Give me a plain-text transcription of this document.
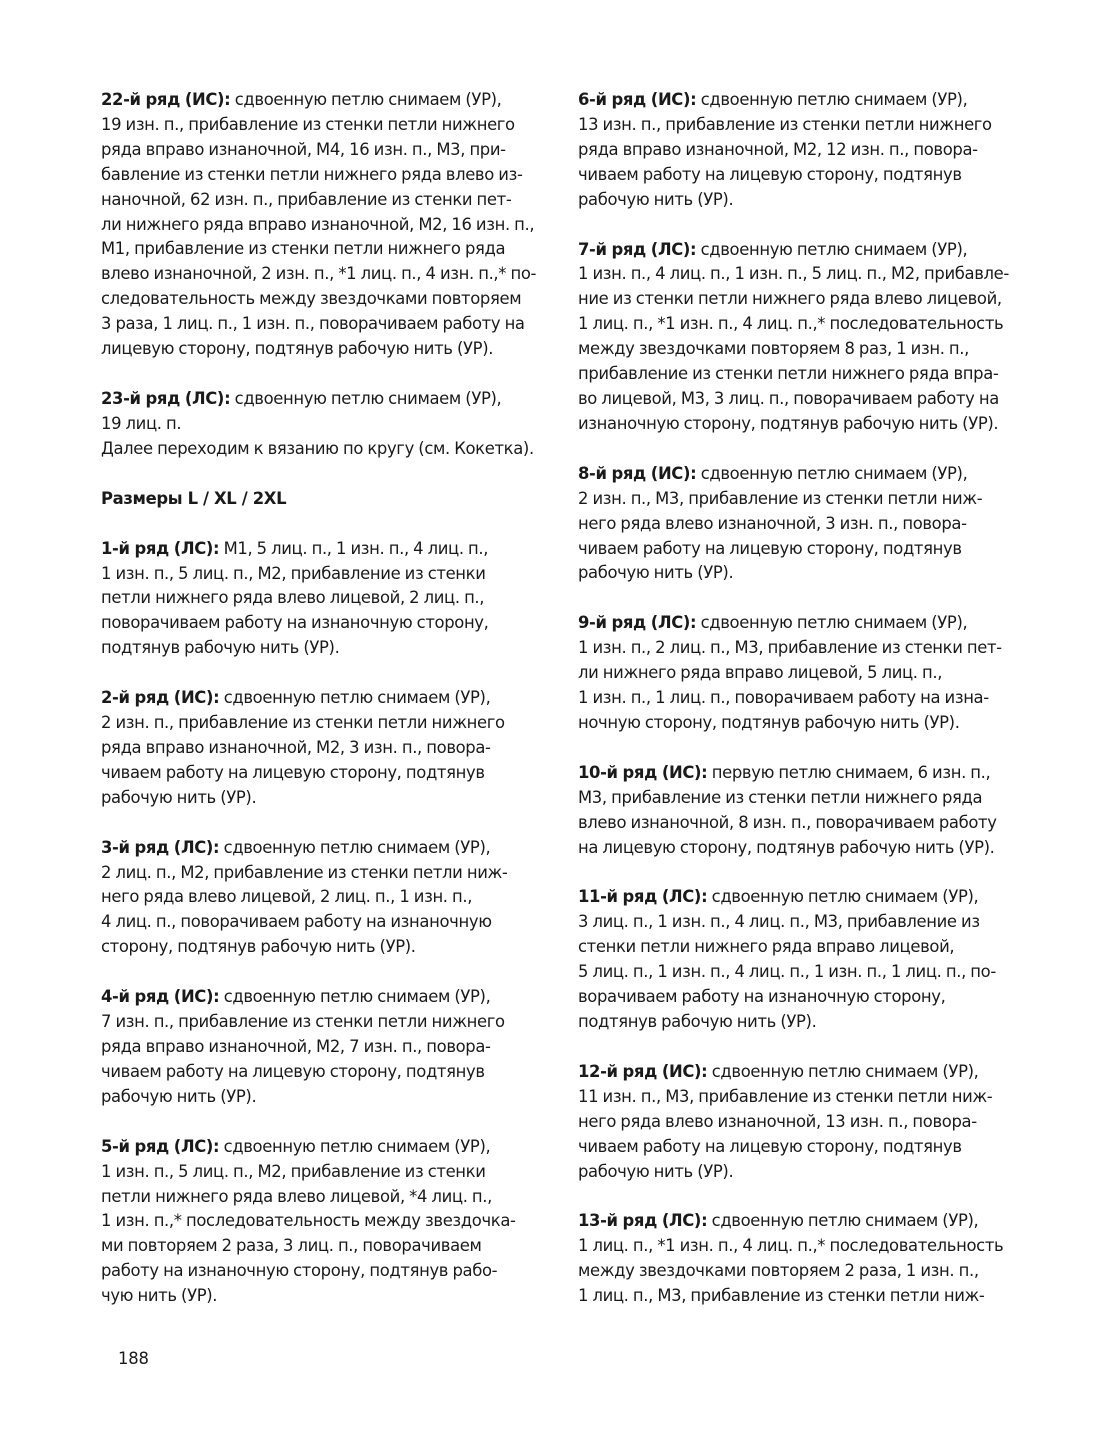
22-й ряд (ИС): сдвоенную петлю снимаем (УР),
19 изн. п., прибавление из стенки петли нижнего
ряда вправо изнаночной, М4, 16 изн. п., М3, при-
бавление из стенки петли нижнего ряда влево из-
наночной, 62 изн. п., прибавление из стенки пет-
ли нижнего ряда вправо изнаночной, М2, 16 изн. п.,
М1, прибавление из стенки петли нижнего ряда
влево изнаночной, 2 изн. п., *1 лиц. п., 4 изн. п.,* по-
следовательность между звездочками повторяем
3 раза, 1 лиц. п., 1 изн. п., поворачиваем работу на
лицевую сторону, подтянув рабочую нить (УР).
23-й ряд (ЛС): сдвоенную петлю снимаем (УР),
19 лиц. п.
Далее переходим к вязанию по кругу (см. Кокетка).
Размеры L / XL / 2XL
1-й ряд (ЛС): М1, 5 лиц. п., 1 изн. п., 4 лиц. п.,
1 изн. п., 5 лиц. п., М2, прибавление из стенки
петли нижнего ряда влево лицевой, 2 лиц. п.,
поворачиваем работу на изнаночную сторону,
подтянув рабочую нить (УР).
2-й ряд (ИС): сдвоенную петлю снимаем (УР),
2 изн. п., прибавление из стенки петли нижнего
ряда вправо изнаночной, М2, 3 изн. п., повора-
чиваем работу на лицевую сторону, подтянув
рабочую нить (УР).
3-й ряд (ЛС): сдвоенную петлю снимаем (УР),
2 лиц. п., М2, прибавление из стенки петли ниж-
него ряда влево лицевой, 2 лиц. п., 1 изн. п.,
4 лиц. п., поворачиваем работу на изнаночную
сторону, подтянув рабочую нить (УР).
4-й ряд (ИС): сдвоенную петлю снимаем (УР),
7 изн. п., прибавление из стенки петли нижнего
ряда вправо изнаночной, М2, 7 изн. п., повора-
чиваем работу на лицевую сторону, подтянув
рабочую нить (УР).
5-й ряд (ЛС): сдвоенную петлю снимаем (УР),
1 изн. п., 5 лиц. п., М2, прибавление из стенки
петли нижнего ряда влево лицевой, *4 лиц. п.,
1 изн. п.,* последовательность между звездочка-
ми повторяем 2 раза, 3 лиц. п., поворачиваем
работу на изнаночную сторону, подтянув рабо-
чую нить (УР).
6-й ряд (ИС): сдвоенную петлю снимаем (УР),
13 изн. п., прибавление из стенки петли нижнего
ряда вправо изнаночной, М2, 12 изн. п., повора-
чиваем работу на лицевую сторону, подтянув
рабочую нить (УР).
7-й ряд (ЛС): сдвоенную петлю снимаем (УР),
1 изн. п., 4 лиц. п., 1 изн. п., 5 лиц. п., М2, прибавле-
ние из стенки петли нижнего ряда влево лицевой,
1 лиц. п., *1 изн. п., 4 лиц. п.,* последовательность
между звездочками повторяем 8 раз, 1 изн. п.,
прибавление из стенки петли нижнего ряда впра-
во лицевой, М3, 3 лиц. п., поворачиваем работу на
изнаночную сторону, подтянув рабочую нить (УР).
8-й ряд (ИС): сдвоенную петлю снимаем (УР),
2 изн. п., М3, прибавление из стенки петли ниж-
него ряда влево изнаночной, 3 изн. п., повора-
чиваем работу на лицевую сторону, подтянув
рабочую нить (УР).
9-й ряд (ЛС): сдвоенную петлю снимаем (УР),
1 изн. п., 2 лиц. п., М3, прибавление из стенки пет-
ли нижнего ряда вправо лицевой, 5 лиц. п.,
1 изн. п., 1 лиц. п., поворачиваем работу на изна-
ночную сторону, подтянув рабочую нить (УР).
10-й ряд (ИС): первую петлю снимаем, 6 изн. п.,
М3, прибавление из стенки петли нижнего ряда
влево изнаночной, 8 изн. п., поворачиваем работу
на лицевую сторону, подтянув рабочую нить (УР).
11-й ряд (ЛС): сдвоенную петлю снимаем (УР),
3 лиц. п., 1 изн. п., 4 лиц. п., М3, прибавление из
стенки петли нижнего ряда вправо лицевой,
5 лиц. п., 1 изн. п., 4 лиц. п., 1 изн. п., 1 лиц. п., по-
ворачиваем работу на изнаночную сторону,
подтянув рабочую нить (УР).
12-й ряд (ИС): сдвоенную петлю снимаем (УР),
11 изн. п., М3, прибавление из стенки петли ниж-
него ряда влево изнаночной, 13 изн. п., повора-
чиваем работу на лицевую сторону, подтянув
рабочую нить (УР).
13-й ряд (ЛС): сдвоенную петлю снимаем (УР),
1 лиц. п., *1 изн. п., 4 лиц. п.,* последовательность
между звездочками повторяем 2 раза, 1 изн. п.,
1 лиц. п., М3, прибавление из стенки петли ниж-
188
